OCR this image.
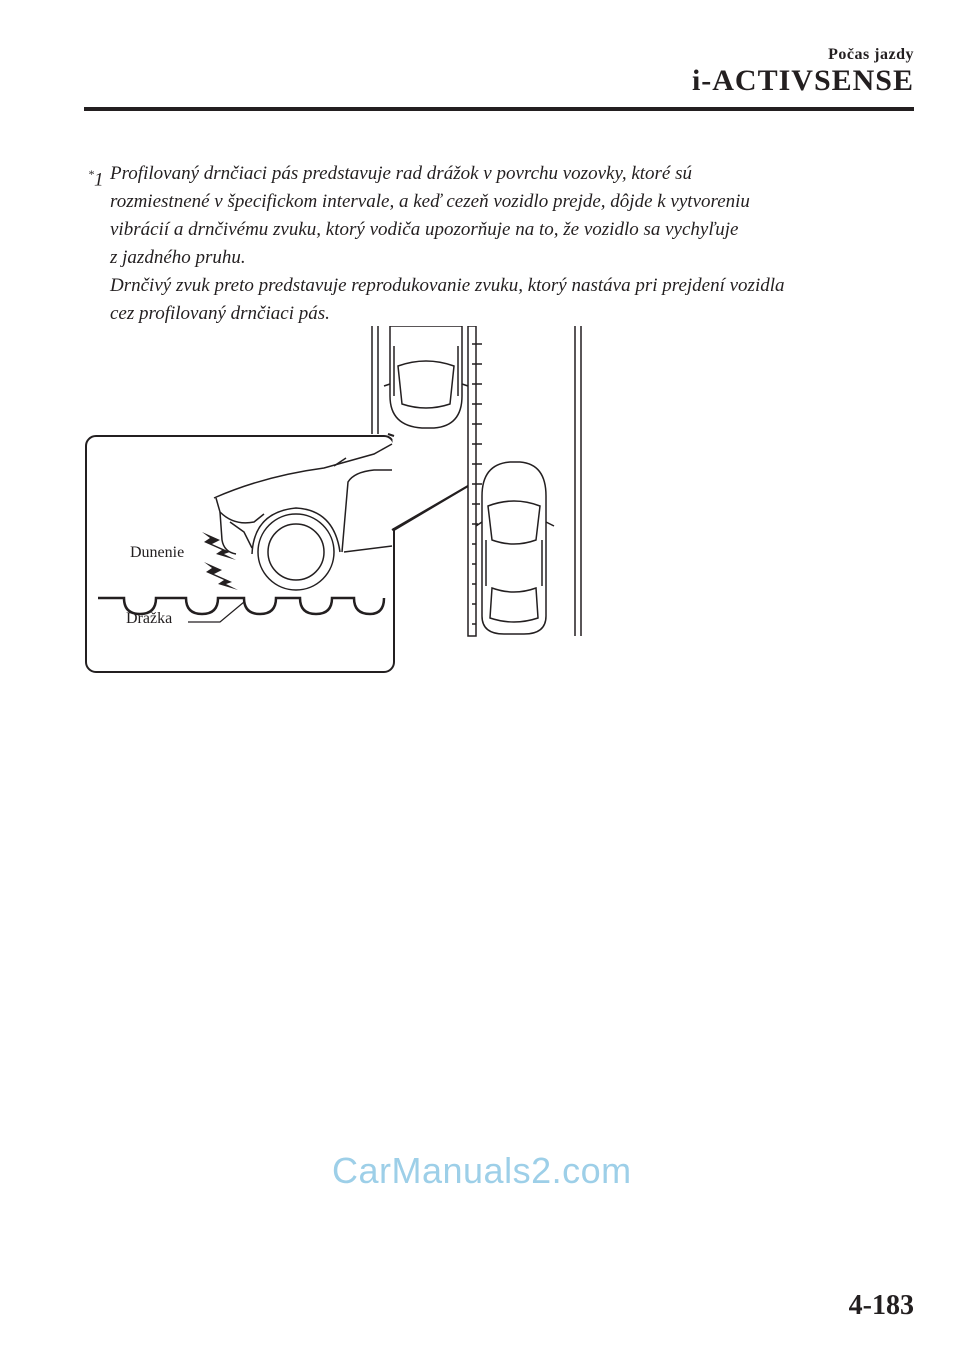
Počas jazdy
i-ACTIVSENSE
*1 Profilovaný drnčiaci pás predstavuje rad drážok v povrchu vozovky, ktoré sú
rozmiestnené v špecifickom intervale, a keď cezeň vozidlo prejde, dôjde k vytvoreniu
vibrácií a drnčivému zvuku, ktorý vodiča upozorňuje na to, že vozidlo sa vychyľuje
z jazdného pruhu.
Drnčivý zvuk preto predstavuje reprodukovanie zvuku, ktorý nastáva pri prejdení vozidla
cez profilovaný drnčiaci pás.
Dunenie
Drážka
CarManuals2.com
4-183
